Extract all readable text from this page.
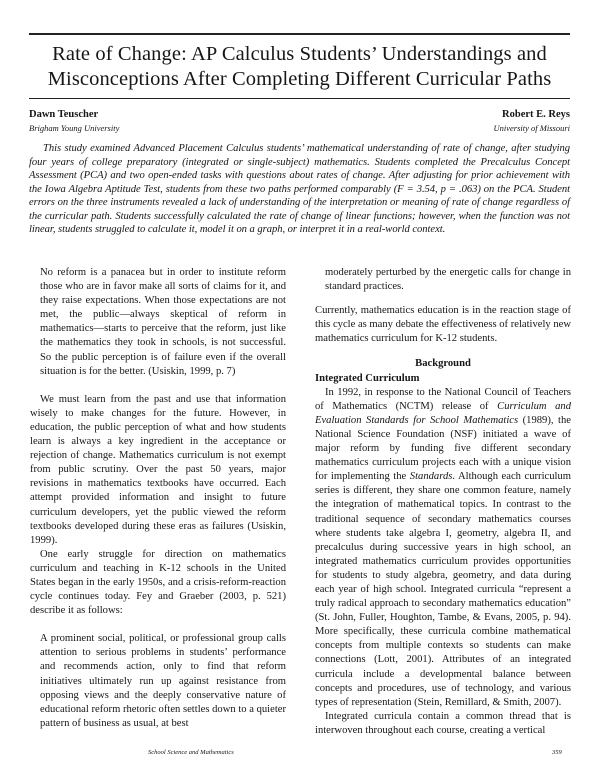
Rate of Change: AP Calculus Students’ Understandings and
Misconceptions After Completing Different Curricular Paths
Dawn Teuscher
Brigham Young University
Robert E. Reys
University of Missouri

This study examined Advanced Placement Calculus students’ mathematical understanding of rate of change, after studying four years of college preparatory (integrated or single-subject) mathematics. Students completed the Precalculus Concept Assessment (PCA) and two open-ended tasks with questions about rates of change. After adjusting for prior achievement with the Iowa Algebra Aptitude Test, students from these two paths performed comparably (F = 3.54, p = .063) on the PCA. Student errors on the three instruments revealed a lack of understanding of the interpretation or meaning of rate of change regardless of the curricular path. Students successfully calculated the rate of change of linear functions; however, when the function was not linear, students struggled to calculate it, model it on a graph, or interpret it in a real-world context.

No reform is a panacea but in order to institute reform those who are in favor make all sorts of claims for it, and they raise expectations. When those expectations are not met, the public—always skeptical of reform in mathematics—starts to perceive that the reform, just like the mathematics they took in schools, is not successful. So the public perception is of failure even if the overall situation is for the better. (Usiskin, 1999, p. 7)

We must learn from the past and use that information wisely to make changes for the future. However, in education, the public perception of what and how students learn is always a key ingredient in the acceptance or rejection of change. Mathematics curriculum is not exempt from public scrutiny. Over the past 50 years, major revisions in mathematics textbooks have occurred. Each attempt provided information and insight to future curriculum developers, yet the public viewed the reform textbooks developed during these eras as failures (Usiskin, 1999).

One early struggle for direction on mathematics curriculum and teaching in K-12 schools in the United States began in the early 1950s, and a crisis-reform-reaction cycle continues today. Fey and Graeber (2003, p. 521) describe it as follows:

A prominent social, political, or professional group calls attention to serious problems in students’ performance and recommends action, only to find that reform initiatives ultimately run up against resistance from opposing views and the deeply conservative nature of educational reform rhetoric often settles down to a quieter pattern of business as usual, at best

moderately perturbed by the energetic calls for change in standard practices.

Currently, mathematics education is in the reaction stage of this cycle as many debate the effectiveness of relatively new mathematics curriculum for K-12 students.

Background

Integrated Curriculum

In 1992, in response to the National Council of Teachers of Mathematics (NCTM) release of Curriculum and Evaluation Standards for School Mathematics (1989), the National Science Foundation (NSF) initiated a wave of major reform by funding five different secondary mathematics curriculum projects each with a unique vision for implementing the Standards. Although each curriculum series is different, they share one common feature, namely the integration of mathematical topics. In contrast to the traditional sequence of secondary mathematics courses where students take algebra I, geometry, algebra II, and precalculus during successive years in high school, an integrated mathematics curriculum provides opportunities for students to study algebra, geometry, and data during each year of high school. Integrated curricula “represent a truly radical approach to secondary mathematics education” (St. John, Fuller, Houghton, Tambe, & Evans, 2005, p. 94). More specifically, these curricula combine mathematical concepts from multiple contexts so students can make connections (Lott, 2001). Attributes of an integrated curricula include a developmental balance between concepts and procedures, use of technology, and various types of representation (Stein, Remillard, & Smith, 2007).

Integrated curricula contain a common thread that is interwoven throughout each course, creating a vertical

School Science and Mathematics	359
